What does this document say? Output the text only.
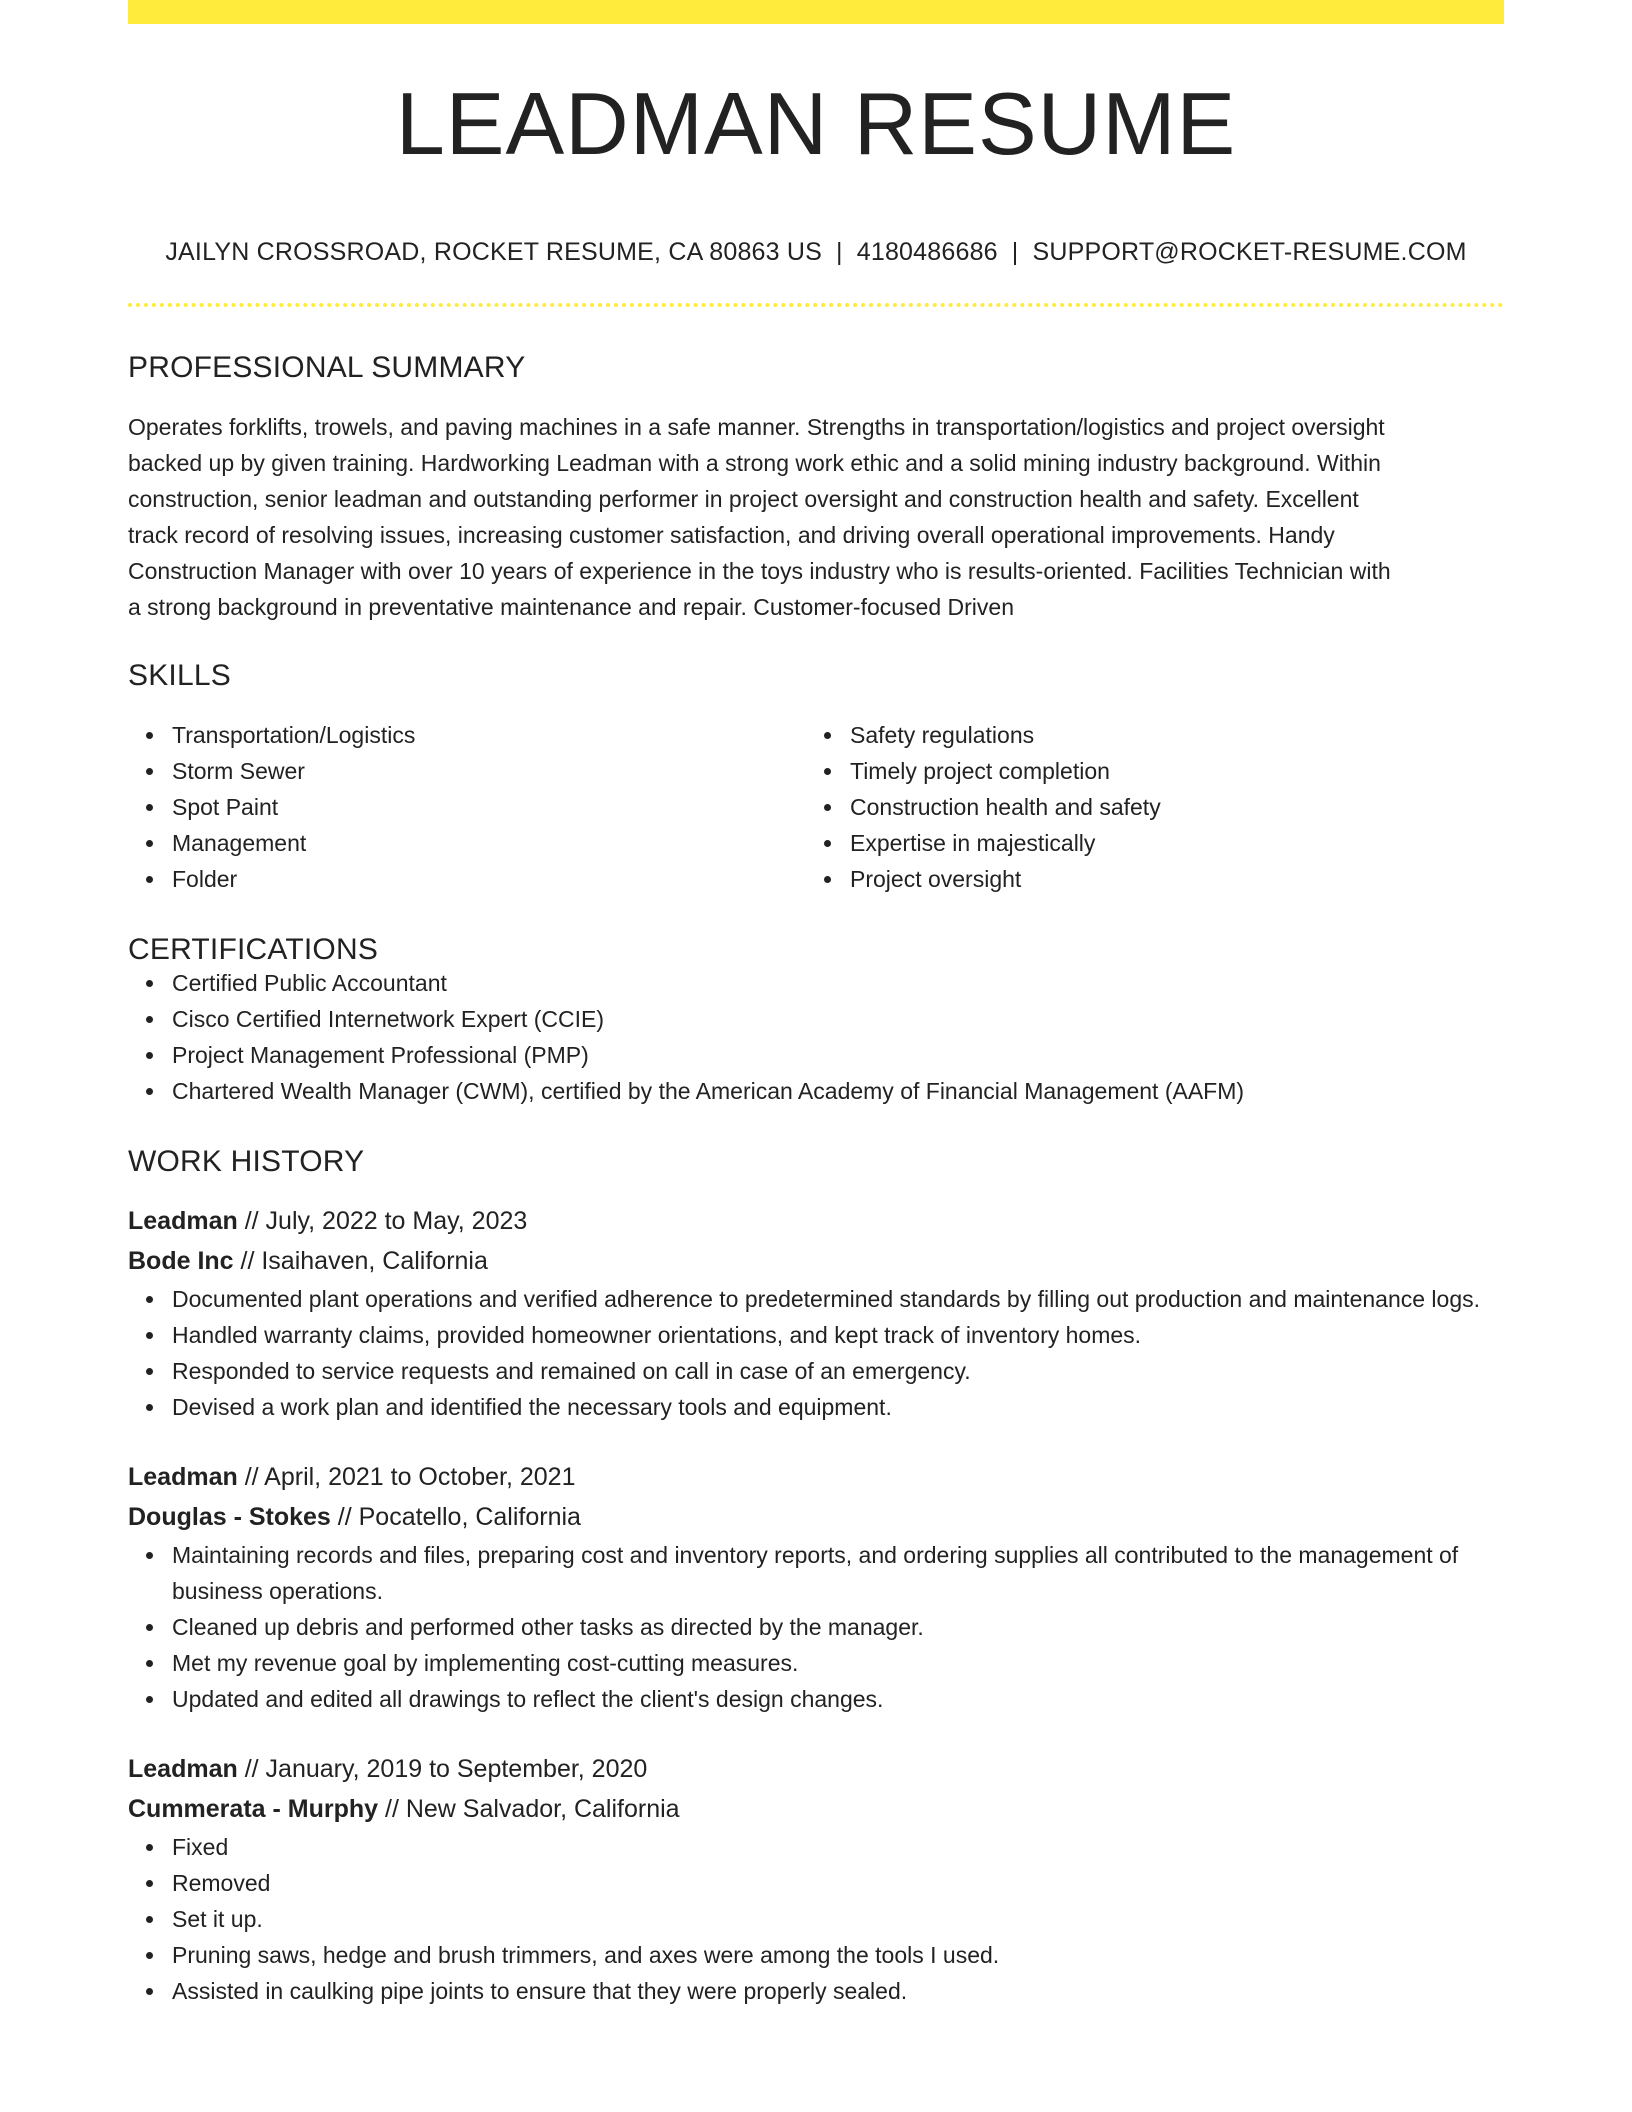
LEADMAN RESUME
JAILYN CROSSROAD, ROCKET RESUME, CA 80863 US | 4180486686 | SUPPORT@ROCKET-RESUME.COM
PROFESSIONAL SUMMARY
Operates forklifts, trowels, and paving machines in a safe manner. Strengths in transportation/logistics and project oversight
backed up by given training. Hardworking Leadman with a strong work ethic and a solid mining industry background. Within
construction, senior leadman and outstanding performer in project oversight and construction health and safety. Excellent
track record of resolving issues, increasing customer satisfaction, and driving overall operational improvements. Handy
Construction Manager with over 10 years of experience in the toys industry who is results-oriented. Facilities Technician with
a strong background in preventative maintenance and repair. Customer-focused Driven
SKILLS
Transportation/Logistics
Storm Sewer
Spot Paint
Management
Folder
Safety regulations
Timely project completion
Construction health and safety
Expertise in majestically
Project oversight
CERTIFICATIONS
Certified Public Accountant
Cisco Certified Internetwork Expert (CCIE)
Project Management Professional (PMP)
Chartered Wealth Manager (CWM), certified by the American Academy of Financial Management (AAFM)
WORK HISTORY
Leadman // July, 2022 to May, 2023
Bode Inc // Isaihaven, California
Documented plant operations and verified adherence to predetermined standards by filling out production and maintenance logs.
Handled warranty claims, provided homeowner orientations, and kept track of inventory homes.
Responded to service requests and remained on call in case of an emergency.
Devised a work plan and identified the necessary tools and equipment.
Leadman // April, 2021 to October, 2021
Douglas - Stokes // Pocatello, California
Maintaining records and files, preparing cost and inventory reports, and ordering supplies all contributed to the management of business operations.
Cleaned up debris and performed other tasks as directed by the manager.
Met my revenue goal by implementing cost-cutting measures.
Updated and edited all drawings to reflect the client's design changes.
Leadman // January, 2019 to September, 2020
Cummerata - Murphy // New Salvador, California
Fixed
Removed
Set it up.
Pruning saws, hedge and brush trimmers, and axes were among the tools I used.
Assisted in caulking pipe joints to ensure that they were properly sealed.
